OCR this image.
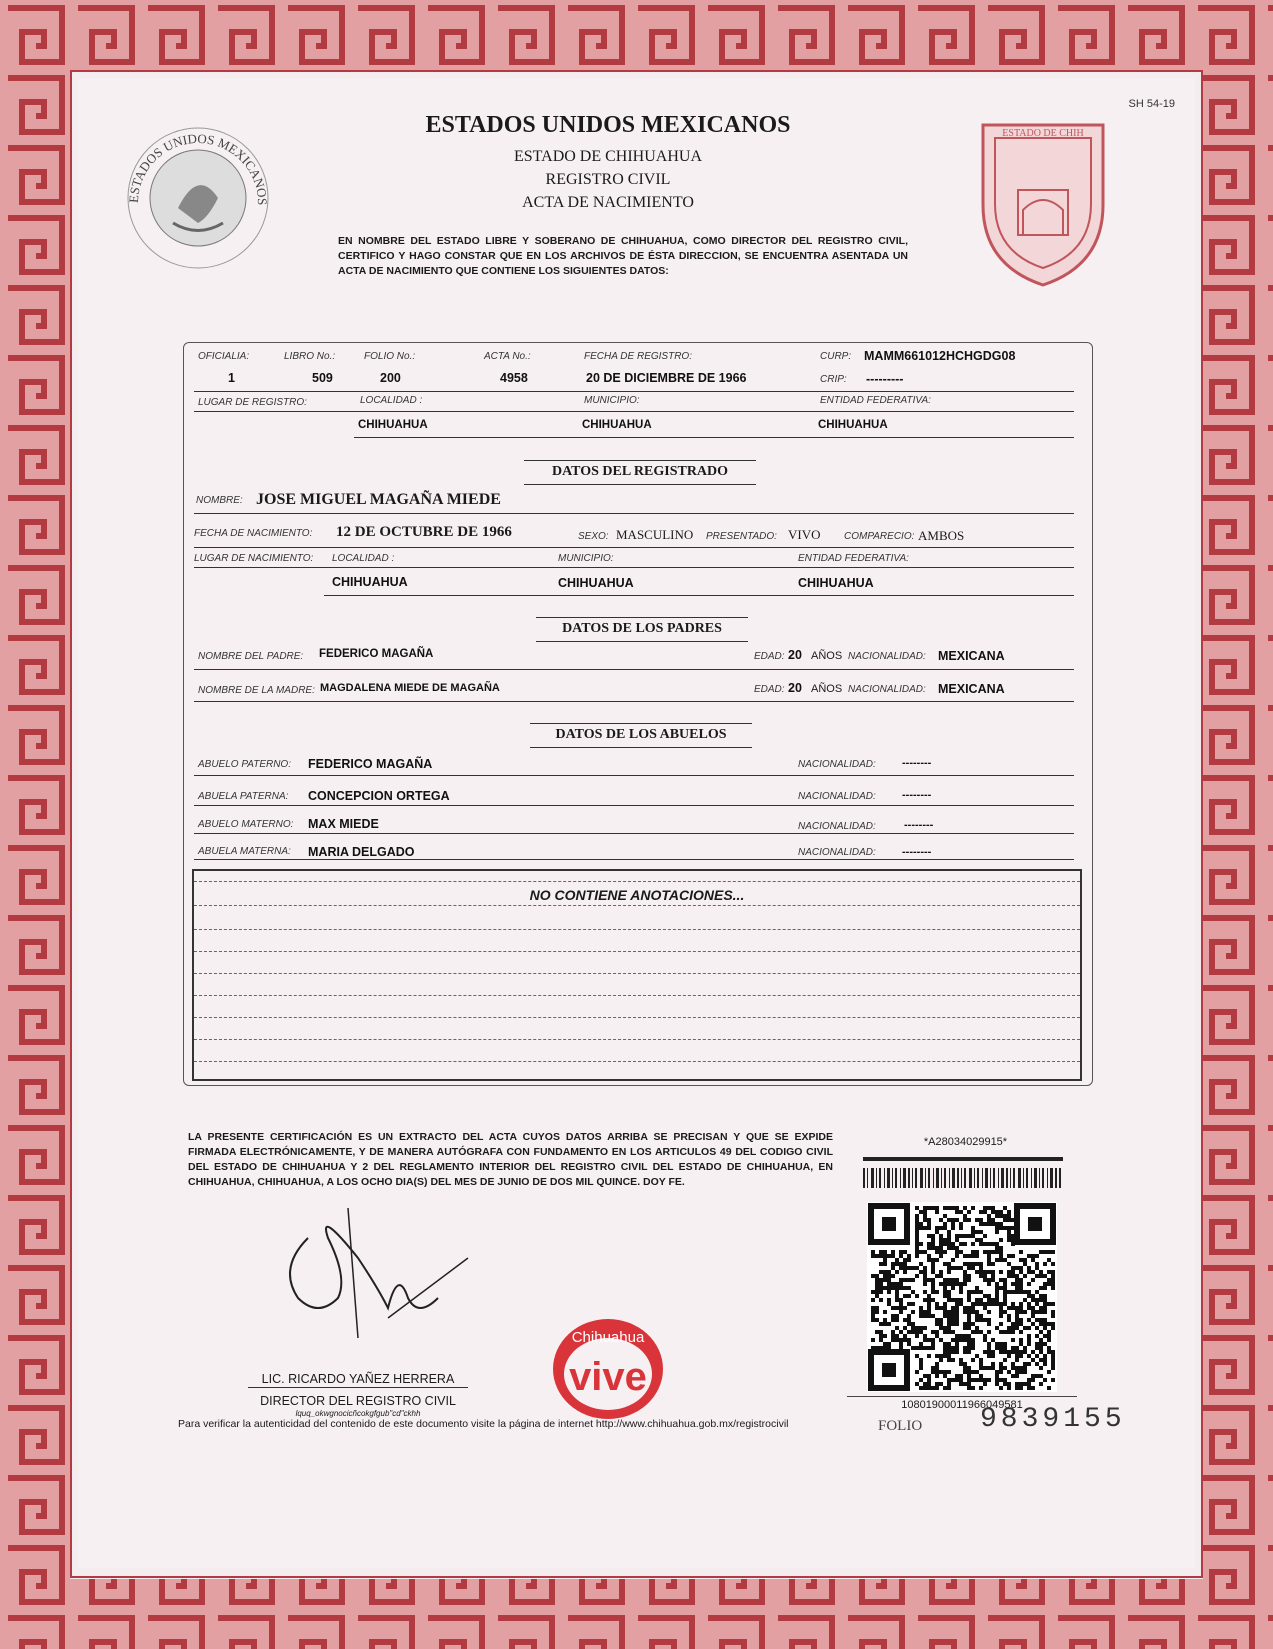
SH 54-19
ESTADOS UNIDOS MEXICANOS
ESTADO DE CHIH
ESTADOS UNIDOS MEXICANOS
ESTADO DE CHIHUAHUA
REGISTRO CIVIL
ACTA DE NACIMIENTO
EN NOMBRE DEL ESTADO LIBRE Y SOBERANO DE CHIHUAHUA, COMO DIRECTOR DEL REGISTRO CIVIL, CERTIFICO Y HAGO CONSTAR QUE EN LOS ARCHIVOS DE ÉSTA DIRECCION, SE ENCUENTRA ASENTADA UN ACTA DE NACIMIENTO QUE CONTIENE LOS SIGUIENTES DATOS:
OFICIALIA:	LIBRO No.:	FOLIO No.:	ACTA No.:	FECHA DE REGISTRO:	CURP: MAMM661012HCHGDG08
CRIP: ---------
1	509	200	4958	20 DE DICIEMBRE DE 1966
LUGAR DE REGISTRO:	LOCALIDAD :	MUNICIPIO:	ENTIDAD FEDERATIVA:
CHIHUAHUA	CHIHUAHUA	CHIHUAHUA
DATOS DEL REGISTRADO
NOMBRE: JOSE MIGUEL MAGAÑA MIEDE
FECHA DE NACIMIENTO: 12 DE OCTUBRE DE 1966	SEXO: MASCULINO PRESENTADO: VIVO COMPARECIO: AMBOS
LUGAR DE NACIMIENTO: LOCALIDAD :	MUNICIPIO:	ENTIDAD FEDERATIVA:
CHIHUAHUA	CHIHUAHUA	CHIHUAHUA
DATOS DE LOS PADRES
NOMBRE DEL PADRE: FEDERICO MAGAÑA	EDAD: 20 AÑOS NACIONALIDAD: MEXICANA
NOMBRE DE LA MADRE: MAGDALENA MIEDE DE MAGAÑA	EDAD: 20 AÑOS NACIONALIDAD: MEXICANA
DATOS DE LOS ABUELOS
ABUELO PATERNO: FEDERICO MAGAÑA	NACIONALIDAD: --------
ABUELA PATERNA: CONCEPCION ORTEGA	NACIONALIDAD: --------
ABUELO MATERNO: MAX MIEDE	NACIONALIDAD:	--------
ABUELA MATERNA: MARIA DELGADO	NACIONALIDAD: --------
NO CONTIENE ANOTACIONES...
LA PRESENTE CERTIFICACIÓN ES UN EXTRACTO DEL ACTA CUYOS DATOS ARRIBA SE PRECISAN Y QUE SE EXPIDE FIRMADA ELECTRÓNICAMENTE, Y DE MANERA AUTÓGRAFA CON FUNDAMENTO EN LOS ARTICULOS 49 DEL CODIGO CIVIL DEL ESTADO DE CHIHUAHUA Y 2 DEL REGLAMENTO INTERIOR DEL REGISTRO CIVIL DEL ESTADO DE CHIHUAHUA, EN CHIHUAHUA, CHIHUAHUA, A LOS OCHO DIA(S) DEL MES DE JUNIO DE DOS MIL QUINCE. DOY FE.
*A28034029915*
10801900011966049581
LIC. RICARDO YAÑEZ HERRERA
DIRECTOR DEL REGISTRO CIVIL
lquq_okwgnocicñcokgfgub"cd"ckhh
Chihuahua
vive
Para verificar la autenticidad del contenido de este documento visite la página de internet http://www.chihuahua.gob.mx/registrocivil	FOLIO 9839155
